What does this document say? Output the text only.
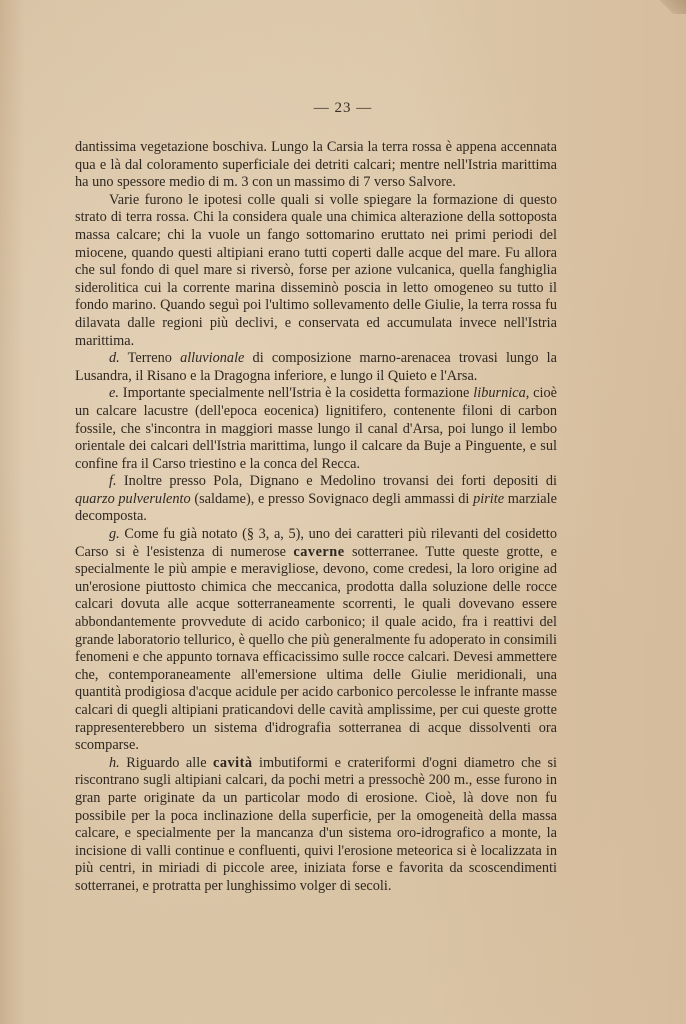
— 23 —

dantissima vegetazione boschiva. Lungo la Carsia la terra rossa è appena accennata qua e là dal coloramento superficiale dei detriti calcari; mentre nell'Istria marittima ha uno spessore medio di m. 3 con un massimo di 7 verso Salvore.

Varie furono le ipotesi colle quali si volle spiegare la formazione di questo strato di terra rossa. Chi la considera quale una chimica alterazione della sottoposta massa calcare; chi la vuole un fango sottomarino eruttato nei primi periodi del miocene, quando questi altipiani erano tutti coperti dalle acque del mare. Fu allora che sul fondo di quel mare si riversò, forse per azione vulcanica, quella fanghiglia siderolitica cui la corrente marina disseminò poscia in letto omogeneo su tutto il fondo marino. Quando seguì poi l'ultimo sollevamento delle Giulie, la terra rossa fu dilavata dalle regioni più declivi, e conservata ed accumulata invece nell'Istria marittima.

d. Terreno alluvionale di composizione marno-arenacea trovasi lungo la Lusandra, il Risano e la Dragogna inferiore, e lungo il Quieto e l'Arsa.

e. Importante specialmente nell'Istria è la cosidetta formazione liburnica, cioè un calcare lacustre (dell'epoca eocenica) lignitifero, contenente filoni di carbon fossile, che s'incontra in maggiori masse lungo il canal d'Arsa, poi lungo il lembo orientale dei calcari dell'Istria marittima, lungo il calcare da Buje a Pinguente, e sul confine fra il Carso triestino e la conca del Recca.

f. Inoltre presso Pola, Dignano e Medolino trovansi dei forti depositi di quarzo pulverulento (saldame), e presso Sovignaco degli ammassi di pirite marziale decomposta.

g. Come fu già notato (§ 3, a, 5), uno dei caratteri più rilevanti del cosidetto Carso si è l'esistenza di numerose caverne sotterranee. Tutte queste grotte, e specialmente le più ampie e meravigliose, devono, come credesi, la loro origine ad un'erosione piuttosto chimica che meccanica, prodotta dalla soluzione delle rocce calcari dovuta alle acque sotterraneamente scorrenti, le quali dovevano essere abbondantemente provvedute di acido carbonico; il quale acido, fra i reattivi del grande laboratorio tellurico, è quello che più generalmente fu adoperato in consimili fenomeni e che appunto tornava efficacissimo sulle rocce calcari. Devesi ammettere che, contemporaneamente all'emersione ultima delle Giulie meridionali, una quantità prodigiosa d'acque acidule per acido carbonico percolesse le infrante masse calcari di quegli altipiani praticandovi delle cavità amplissime, per cui queste grotte rappresenterebbero un sistema d'idrografia sotterranea di acque dissolventi ora scomparse.

h. Riguardo alle cavità imbutiformi e crateriformi d'ogni diametro che si riscontrano sugli altipiani calcari, da pochi metri a pressochè 200 m., esse furono in gran parte originate da un particolar modo di erosione. Cioè, là dove non fu possibile per la poca inclinazione della superficie, per la omogeneità della massa calcare, e specialmente per la mancanza d'un sistema oro-idrografico a monte, la incisione di valli continue e confluenti, quivi l'erosione meteorica si è localizzata in più centri, in miriadi di piccole aree, iniziata forse e favorita da scoscendimenti sotterranei, e protratta per lunghissimo volger di secoli.
